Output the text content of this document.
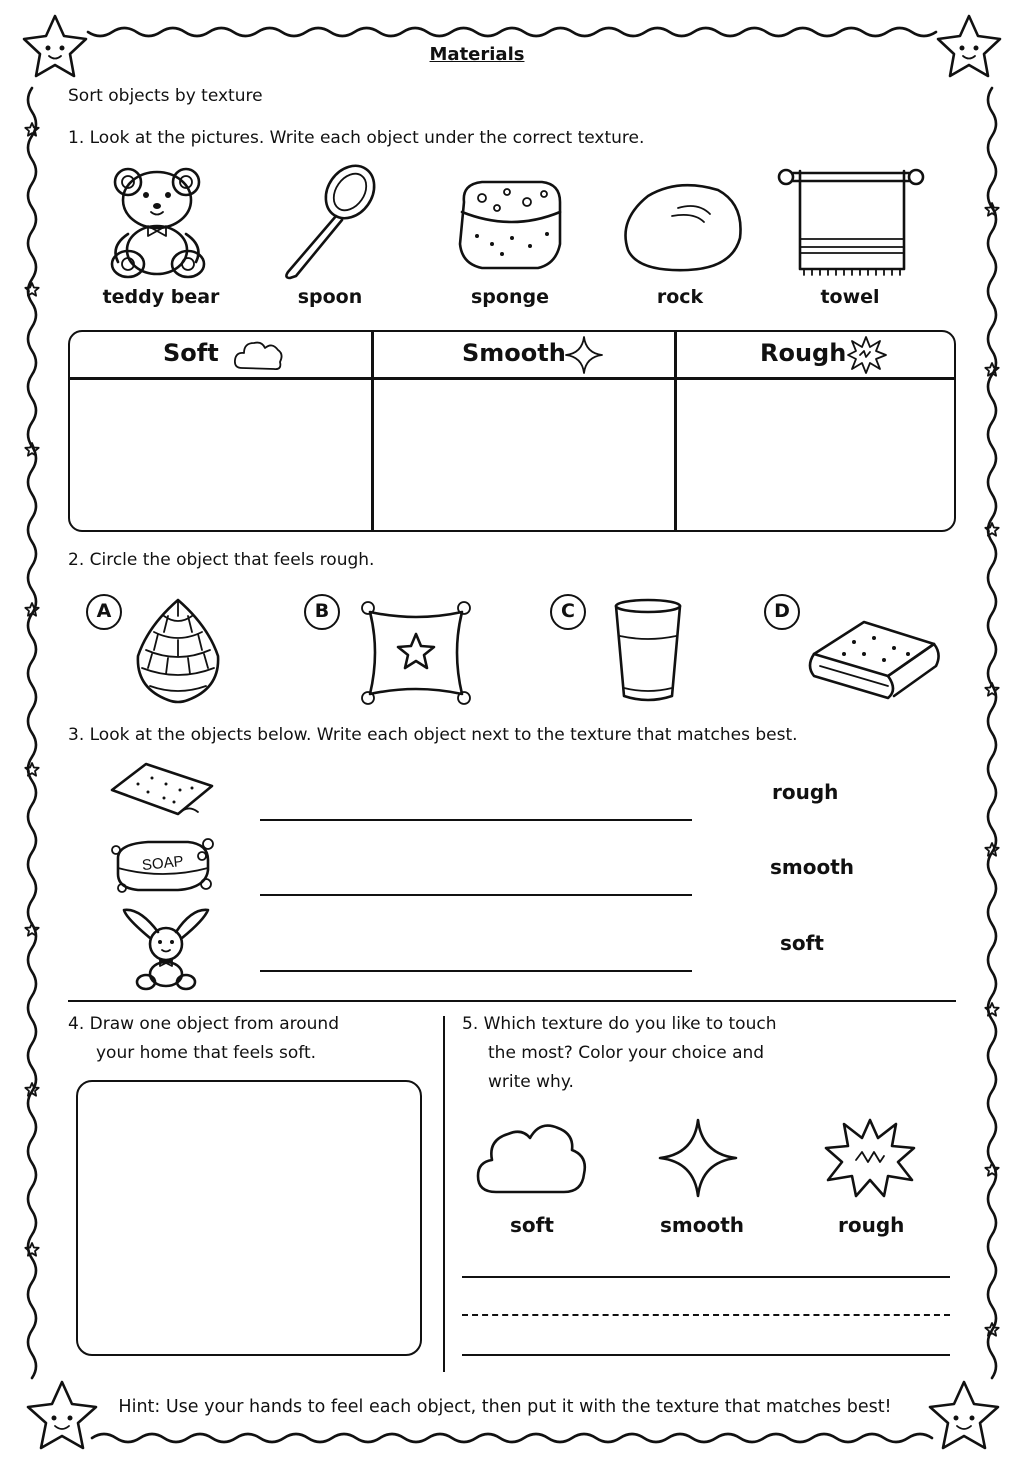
Materials
Sort objects by texture
1. Look at the pictures. Write each object under the correct texture.
teddy bear	spoon	sponge	rock	towel
Soft	Smooth	Rough
2. Circle the object that feels rough.
A	B	C	D
3. Look at the objects below. Write each object next to the texture that matches best.
rough
SOAP	smooth
soft
4. Draw one object from around
your home that feels soft.
5. Which texture do you like to touch
the most? Color your choice and
write why.
soft	smooth	rough
Hint: Use your hands to feel each object, then put it with the texture that matches best!
